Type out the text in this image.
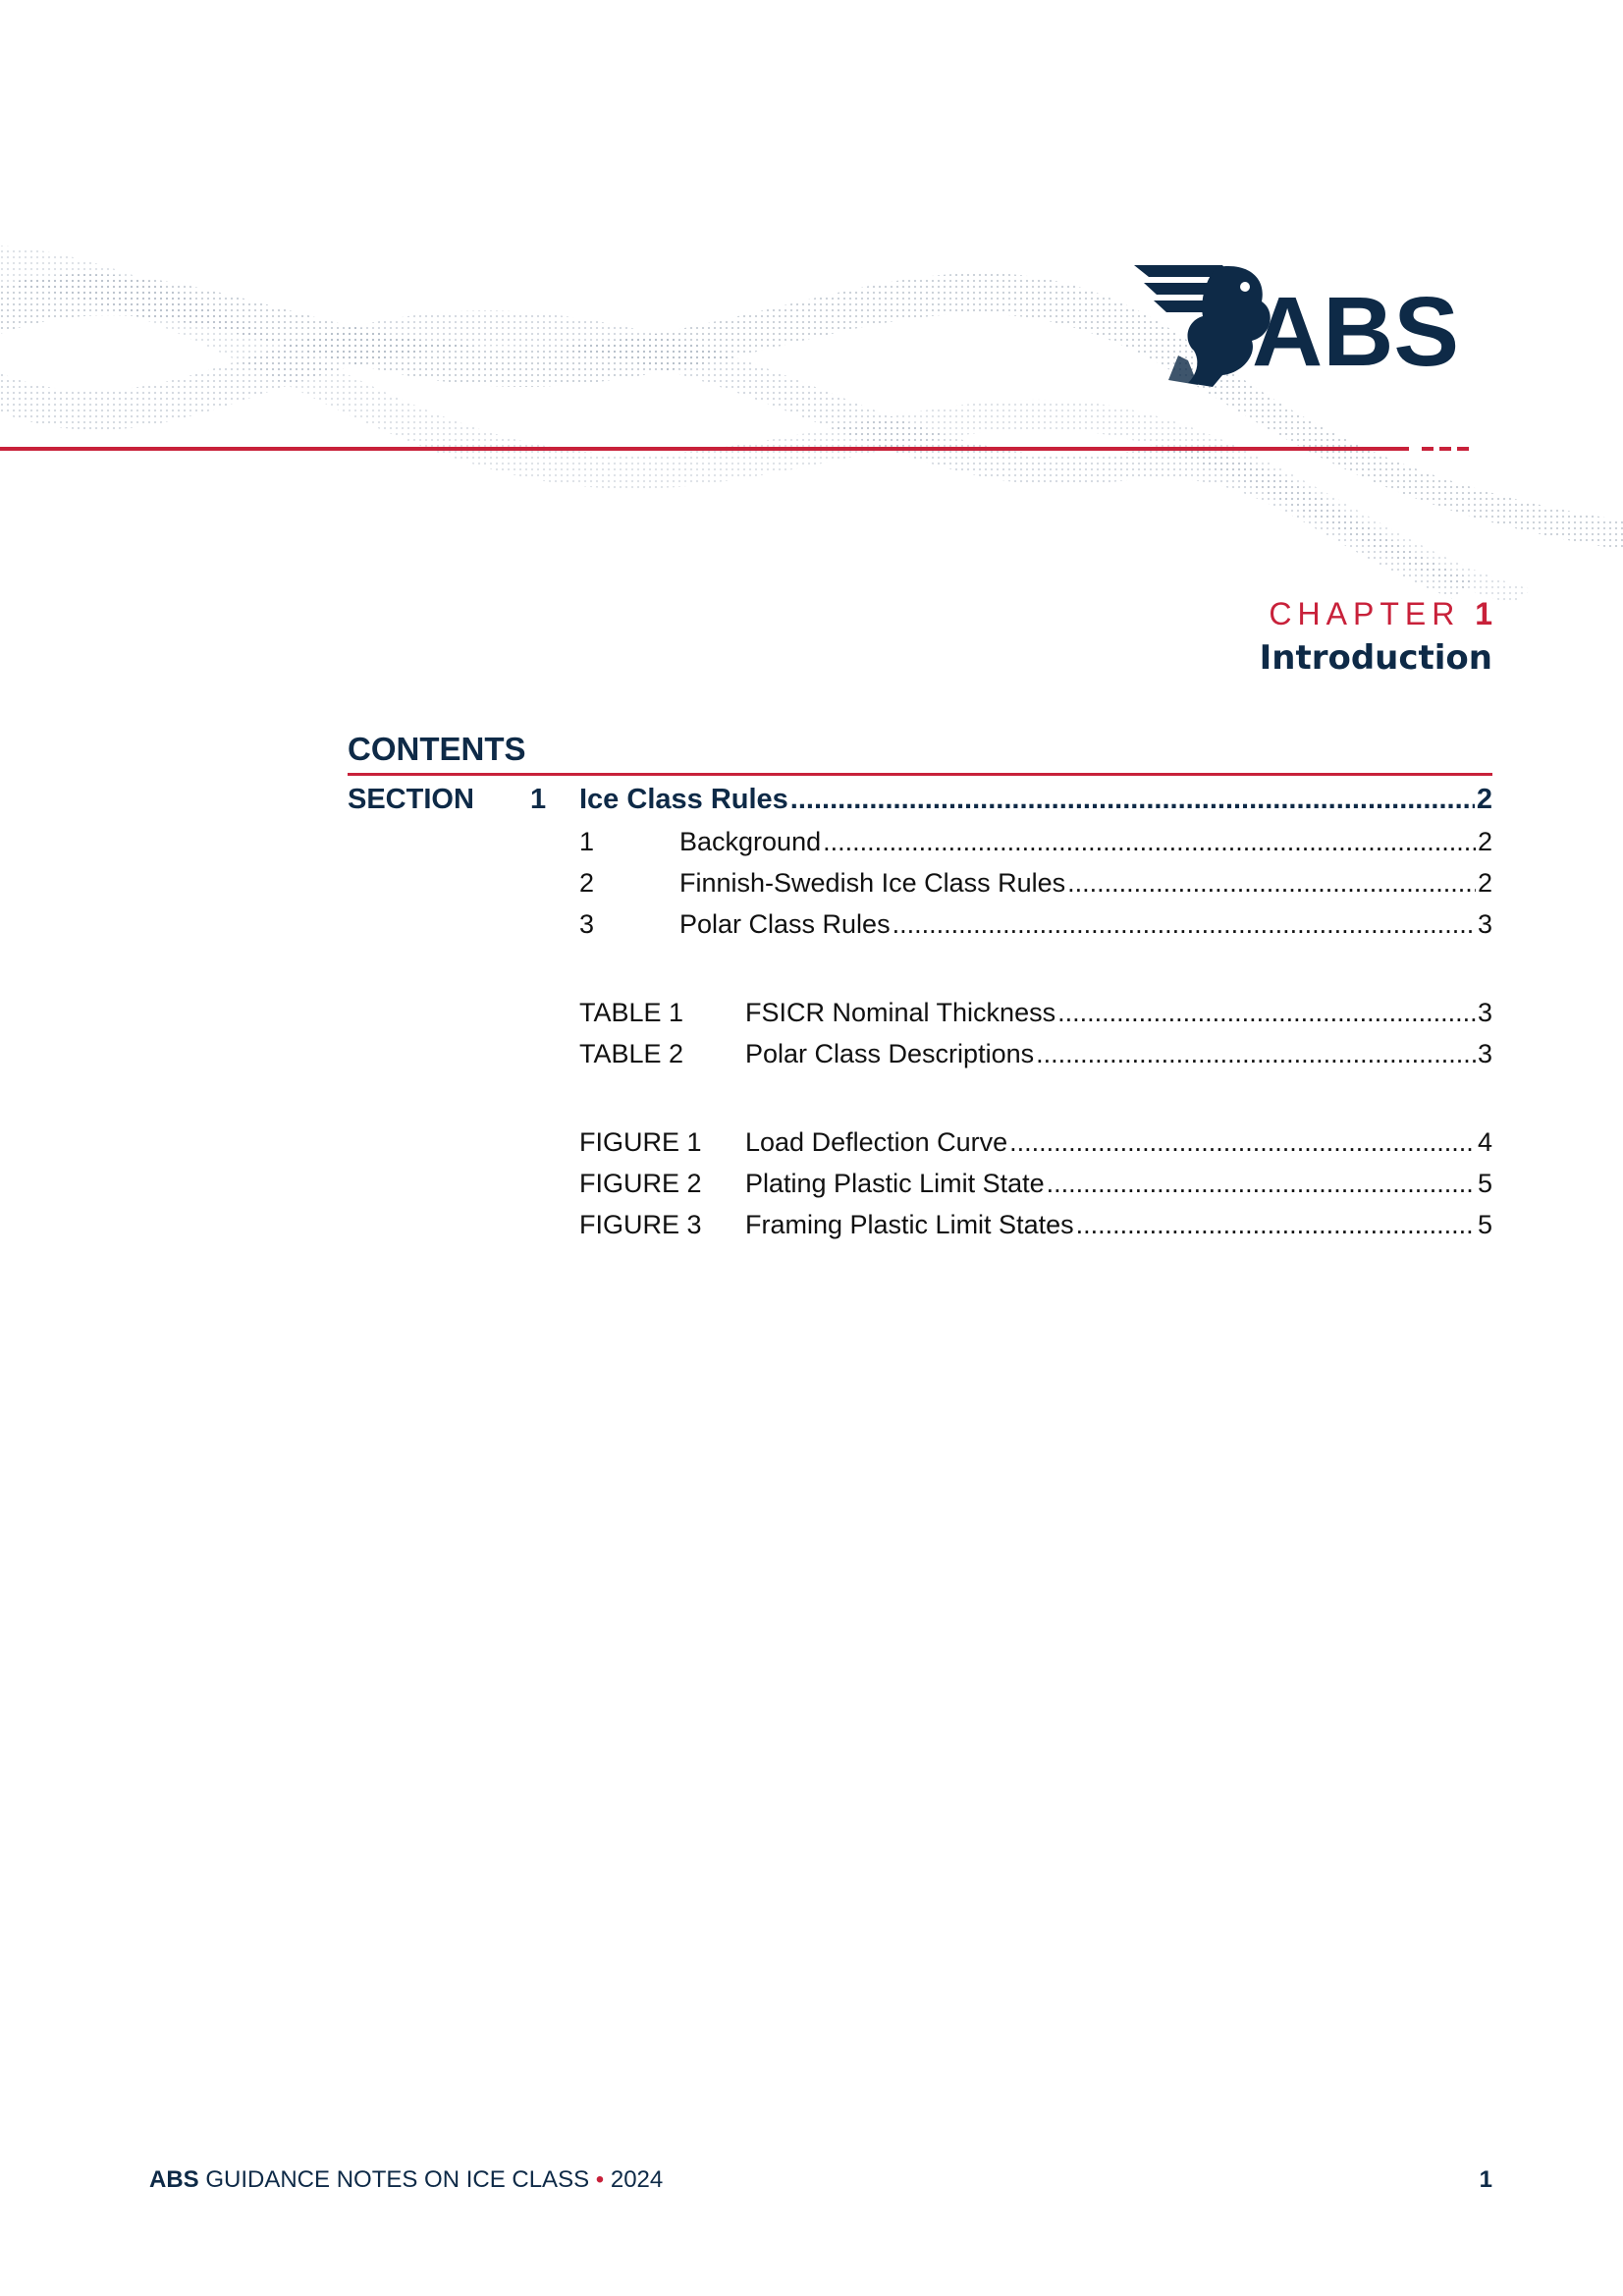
ABS
CHAPTER 1
Introduction
CONTENTS
SECTION 1 Ice Class Rules .....	2
1	Background .....	2
2	Finnish-Swedish Ice Class Rules .....	2
3	Polar Class Rules .....	3
TABLE 1 FSICR Nominal Thickness .....	3
TABLE 2 Polar Class Descriptions .....	3
FIGURE 1 Load Deflection Curve .....	4
FIGURE 2 Plating Plastic Limit State .....	5
FIGURE 3 Framing Plastic Limit States .....	5
ABS GUIDANCE NOTES ON ICE CLASS • 2024	1
